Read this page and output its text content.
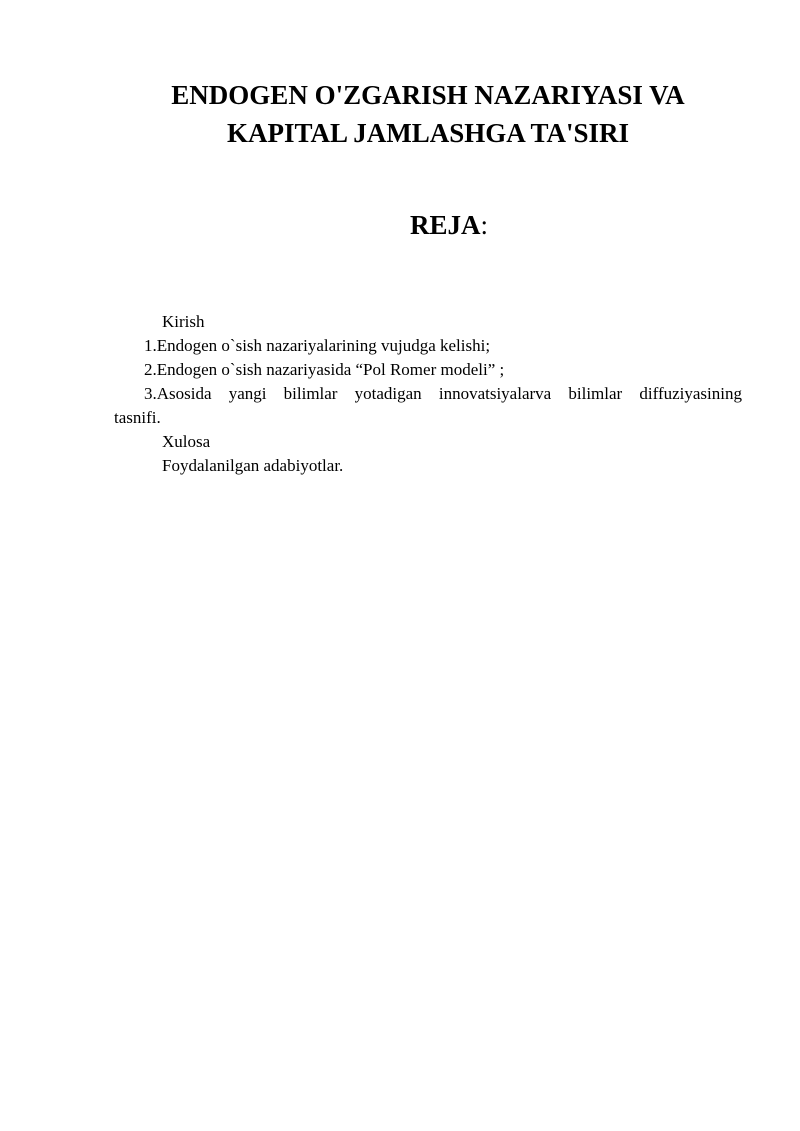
ENDOGEN O'ZGARISH NAZARIYASI VA
KAPITAL JAMLASHGA TA'SIRI
REJA:

Kirish

1.Endogen o`sish nazariyalarining vujudga kelishi;

2.Endogen o`sish nazariyasida “Pol Romer modeli” ;

3.Asosida yangi bilimlar yotadigan innovatsiyalarva bilimlar diffuziyasining

tasnifi.

Xulosa

Foydalanilgan adabiyotlar.
